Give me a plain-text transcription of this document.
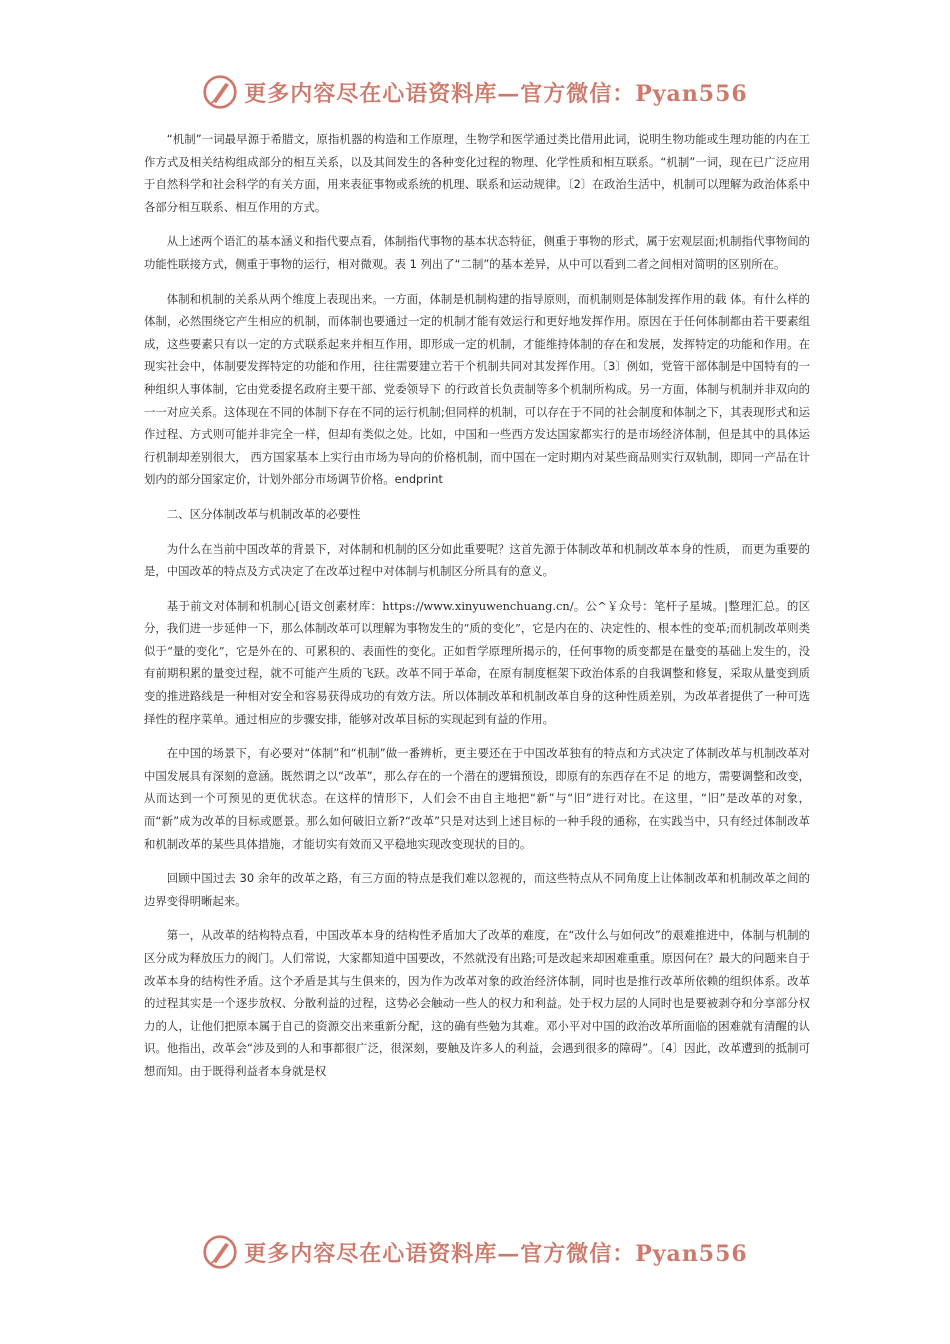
更多内容尽在心语资料库—官方微信：Pyan556

“机制”一词最早源于希腊文，原指机器的构造和工作原理，生物学和医学通过类比借用此词，说明生物功能或生理功能的内在工作方式及相关结构组成部分的相互关系，以及其间发生的各种变化过程的物理、化学性质和相互联系。“机制”一词，现在已广泛应用于自然科学和社会科学的有关方面，用来表征事物或系统的机理、联系和运动规律。〔2〕在政治生活中，机制可以理解为政治体系中各部分相互联系、相互作用的方式。

从上述两个语汇的基本涵义和指代要点看，体制指代事物的基本状态特征，侧重于事物的形式，属于宏观层面;机制指代事物间的功能性联接方式，侧重于事物的运行，相对微观。表 1 列出了“二制”的基本差异，从中可以看到二者之间相对简明的区别所在。

体制和机制的关系从两个维度上表现出来。一方面，体制是机制构建的指导原则，而机制则是体制发挥作用的载 体。有什么样的体制，必然围绕它产生相应的机制，而体制也要通过一定的机制才能有效运行和更好地发挥作用。原因在于任何体制都由若干要素组成，这些要素只有以一定的方式联系起来并相互作用，即形成一定的机制，才能维持体制的存在和发展，发挥特定的功能和作用。在现实社会中，体制要发挥特定的功能和作用，往往需要建立若干个机制共同对其发挥作用。〔3〕例如，党管干部体制是中国特有的一种组织人事体制，它由党委提名政府主要干部、党委领导下 的行政首长负责制等多个机制所构成。另一方面，体制与机制并非双向的一一对应关系。这体现在不同的体制下存在不同的运行机制;但同样的机制，可以存在于不同的社会制度和体制之下，其表现形式和运作过程、方式则可能并非完全一样，但却有类似之处。比如，中国和一些西方发达国家都实行的是市场经济体制，但是其中的具体运行机制却差别很大， 西方国家基本上实行由市场为导向的价格机制，而中国在一定时期内对某些商品则实行双轨制，即同一产品在计划内的部分国家定价，计划外部分市场调节价格。endprint

二、区分体制改革与机制改革的必要性

为什么在当前中国改革的背景下，对体制和机制的区分如此重要呢？这首先源于体制改革和机制改革本身的性质， 而更为重要的是，中国改革的特点及方式决定了在改革过程中对体制与机制区分所具有的意义。

基于前文对体制和机制心[语文创素材库：https://www.xinyuwenchuang.cn/。公^￥众号：笔杆子星城。|整理汇总。的区分，我们进一步延伸一下，那么体制改革可以理解为事物发生的“质的变化”，它是内在的、决定性的、根本性的变革;而机制改革则类似于“量的变化”，它是外在的、可累积的、表面性的变化。正如哲学原理所揭示的，任何事物的质变都是在量变的基础上发生的，没有前期积累的量变过程，就不可能产生质的飞跃。改革不同于革命，在原有制度框架下政治体系的自我调整和修复，采取从量变到质变的推进路线是一种相对安全和容易获得成功的有效方法。所以体制改革和机制改革自身的这种性质差别，为改革者提供了一种可选择性的程序菜单。通过相应的步骤安排，能够对改革目标的实现起到有益的作用。

在中国的场景下，有必要对“体制”和“机制”做一番辨析，更主要还在于中国改革独有的特点和方式决定了体制改革与机制改革对中国发展具有深刻的意涵。既然谓之以“改革”，那么存在的一个潜在的逻辑预设，即原有的东西存在不足 的地方，需要调整和改变，从而达到一个可预见的更优状态。在这样的情形下，人们会不由自主地把“新”与“旧”进行对比。在这里，“旧”是改革的对象，而“新”成为改革的目标或愿景。那么如何破旧立新?“改革”只是对达到上述目标的一种手段的通称，在实践当中，只有经过体制改革和机制改革的某些具体措施，才能切实有效而又平稳地实现改变现状的目的。

回顾中国过去 30 余年的改革之路，有三方面的特点是我们难以忽视的，而这些特点从不同角度上让体制改革和机制改革之间的边界变得明晰起来。

第一，从改革的结构特点看，中国改革本身的结构性矛盾加大了改革的难度，在“改什么与如何改”的艰难推进中，体制与机制的区分成为释放压力的阀门。人们常说，大家都知道中国要改，不然就没有出路;可是改起来却困难重重。原因何在？最大的问题来自于改革本身的结构性矛盾。这个矛盾是其与生俱来的，因为作为改革对象的政治经济体制，同时也是推行改革所依赖的组织体系。改革的过程其实是一个逐步放权、分散利益的过程，这势必会触动一些人的权力和利益。处于权力层的人同时也是要被剥夺和分享部分权力的人，让他们把原本属于自己的资源交出来重新分配，这的确有些勉为其难。邓小平对中国的政治改革所面临的困难就有清醒的认识。他指出，改革会“涉及到的人和事都很广泛，很深刻，要触及许多人的利益，会遇到很多的障碍”。〔4〕因此，改革遭到的抵制可想而知。由于既得利益者本身就是权

更多内容尽在心语资料库—官方微信：Pyan556
